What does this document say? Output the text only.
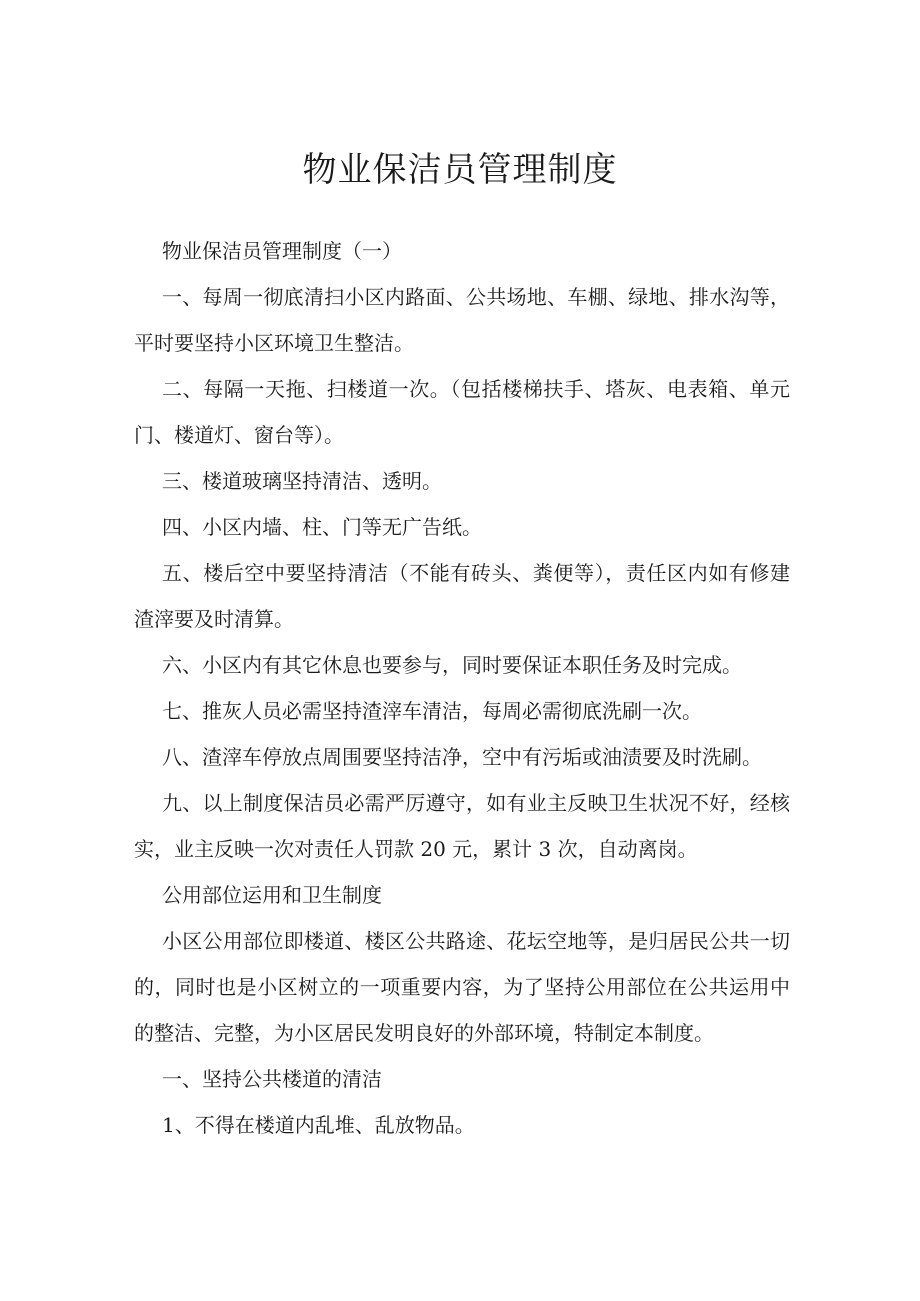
物业保洁员管理制度

物业保洁员管理制度（一）

一、每周一彻底清扫小区内路面、公共场地、车棚、绿地、排水沟等，平时要坚持小区环境卫生整洁。

二、每隔一天拖、扫楼道一次。（包括楼梯扶手、塔灰、电表箱、单元门、楼道灯、窗台等）。

三、楼道玻璃坚持清洁、透明。

四、小区内墙、柱、门等无广告纸。

五、楼后空中要坚持清洁（不能有砖头、粪便等），责任区内如有修建渣滓要及时清算。

六、小区内有其它休息也要参与，同时要保证本职任务及时完成。

七、推灰人员必需坚持渣滓车清洁，每周必需彻底洗刷一次。

八、渣滓车停放点周围要坚持洁净，空中有污垢或油渍要及时洗刷。

九、以上制度保洁员必需严厉遵守，如有业主反映卫生状况不好，经核实，业主反映一次对责任人罚款 20 元，累计 3 次，自动离岗。

公用部位运用和卫生制度

小区公用部位即楼道、楼区公共路途、花坛空地等，是归居民公共一切的，同时也是小区树立的一项重要内容，为了坚持公用部位在公共运用中的整洁、完整，为小区居民发明良好的外部环境，特制定本制度。

一、坚持公共楼道的清洁

1、不得在楼道内乱堆、乱放物品。
